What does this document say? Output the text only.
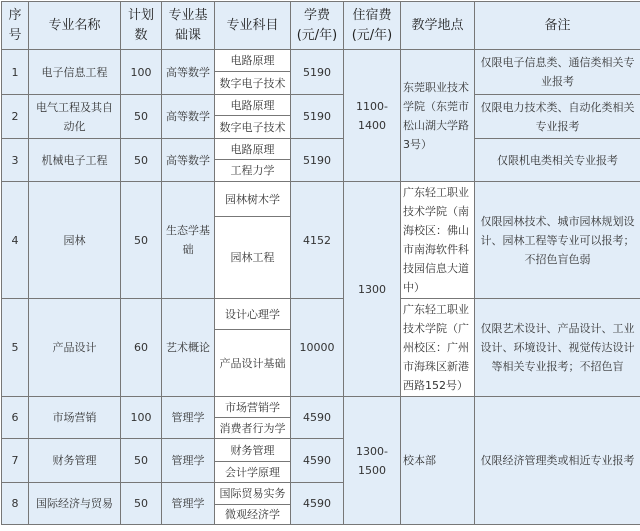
序号	专业名称	计划数	专业基础课	专业科目	学费(元/年)	住宿费(元/年)	教学地点	备注
1	电子信息工程	100	高等数学	电路原理	5190	1100-1400	东莞职业技术学院（东莞市松山湖大学路3号）	仅限电子信息类、通信类相关专业报考
				数字电子技术				
2	电气工程及其自动化	50	高等数学	电路原理	5190			仅限电力技术类、自动化类相关专业报考
				数字电子技术				
3	机械电子工程	50	高等数学	电路原理	5190			仅限机电类相关专业报考
				工程力学				
4	园林	50	生态学基础	园林树木学	4152	1300	广东轻工职业技术学院（南海校区：佛山市南海软件科技园信息大道中）	仅限园林技术、城市园林规划设计、园林工程等专业可以报考；不招色盲色弱
				园林工程				
5	产品设计	60	艺术概论	设计心理学	10000		广东轻工职业技术学院（广州校区：广州市海珠区新港西路152号）	仅限艺术设计、产品设计、工业设计、环境设计、视觉传达设计等相关专业报考；不招色盲
				产品设计基础				
6	市场营销	100	管理学	市场营销学	4590	1300-1500	校本部	仅限经济管理类或相近专业报考
				消费者行为学				
7	财务管理	50	管理学	财务管理	4590			
				会计学原理				
8	国际经济与贸易	50	管理学	国际贸易实务	4590			
				微观经济学				
